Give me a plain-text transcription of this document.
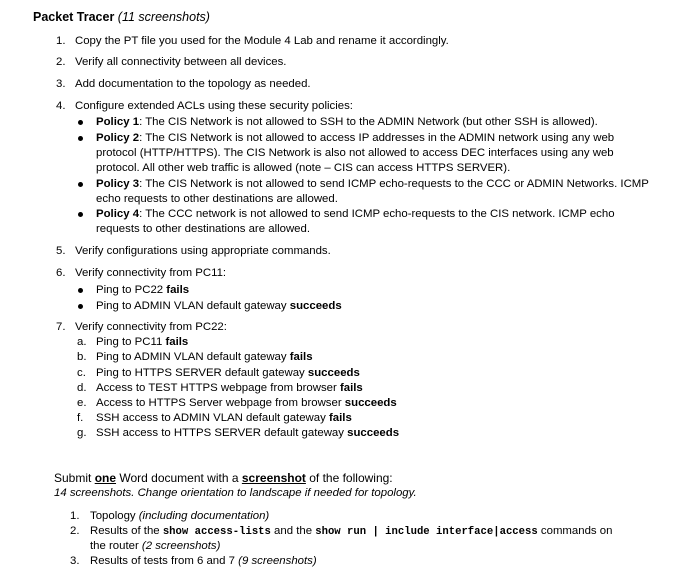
Packet Tracer (11 screenshots)
1. Copy the PT file you used for the Module 4 Lab and rename it accordingly.
2. Verify all connectivity between all devices.
3. Add documentation to the topology as needed.
4. Configure extended ACLs using these security policies:
Policy 1: The CIS Network is not allowed to SSH to the ADMIN Network (but other SSH is allowed).
Policy 2: The CIS Network is not allowed to access IP addresses in the ADMIN network using any web
protocol (HTTP/HTTPS). The CIS Network is also not allowed to access DEC interfaces using any web
protocol. All other web traffic is allowed (note – CIS can access HTTPS SERVER).
Policy 3: The CIS Network is not allowed to send ICMP echo-requests to the CCC or ADMIN Networks. ICMP
echo requests to other destinations are allowed.
Policy 4: The CCC network is not allowed to send ICMP echo-requests to the CIS network. ICMP echo
requests to other destinations are allowed.
5. Verify configurations using appropriate commands.
6. Verify connectivity from PC11:
Ping to PC22 fails
Ping to ADMIN VLAN default gateway succeeds
7. Verify connectivity from PC22:
a. Ping to PC11 fails
b. Ping to ADMIN VLAN default gateway fails
c. Ping to HTTPS SERVER default gateway succeeds
d. Access to TEST HTTPS webpage from browser fails
e. Access to HTTPS Server webpage from browser succeeds
f. SSH access to ADMIN VLAN default gateway fails
g. SSH access to HTTPS SERVER default gateway succeeds
Submit one Word document with a screenshot of the following:
14 screenshots. Change orientation to landscape if needed for topology.
1. Topology (including documentation)
2. Results of the show access-lists and the show run | include interface|access commands on
the router (2 screenshots)
3. Results of tests from 6 and 7 (9 screenshots)
